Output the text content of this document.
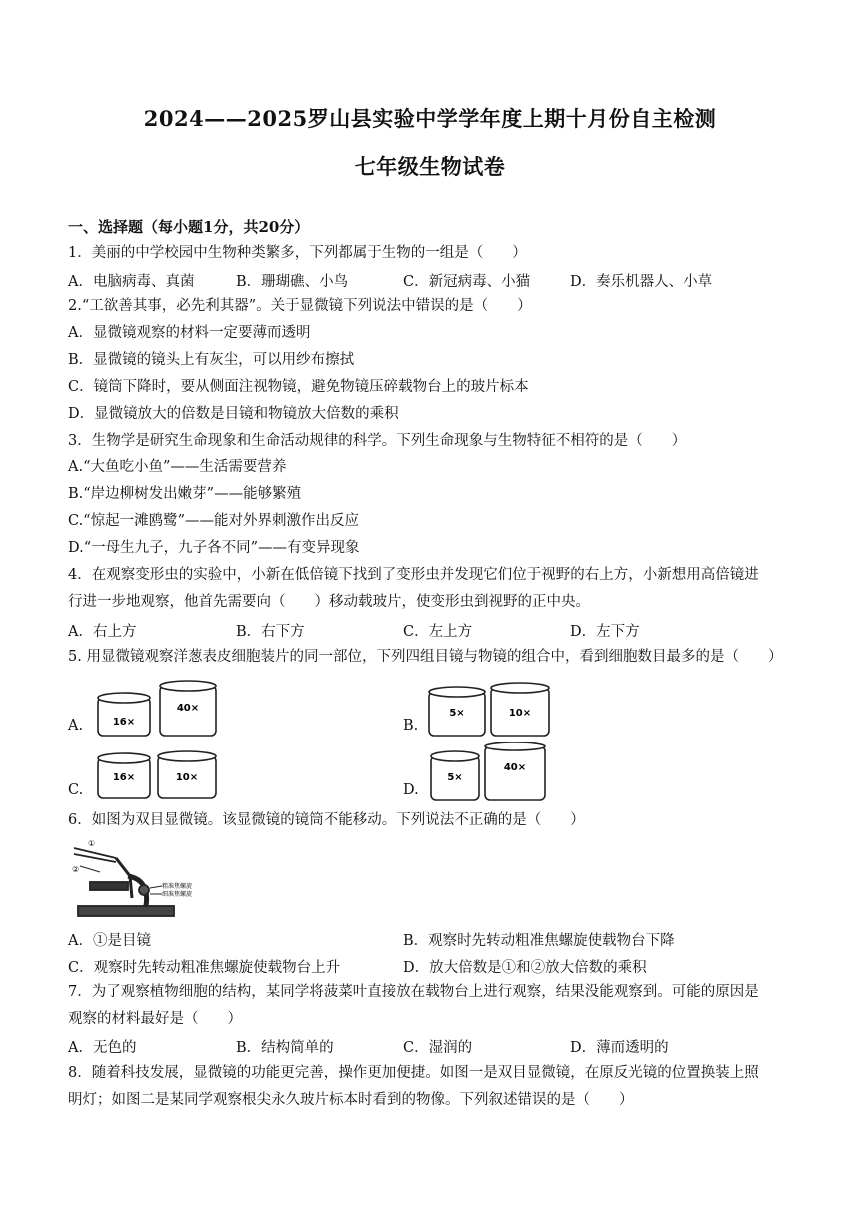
2024——2025罗山县实验中学学年度上期十月份自主检测
七年级生物试卷
一、选择题（每小题1分，共20分）
1．美丽的中学校园中生物种类繁多，下列都属于生物的一组是（　　）
A．电脑病毒、真菌	B．珊瑚礁、小鸟	C．新冠病毒、小猫	D．奏乐机器人、小草
2.“工欲善其事，必先利其器”。关于显微镜下列说法中错误的是（　　）
A．显微镜观察的材料一定要薄而透明
B．显微镜的镜头上有灰尘，可以用纱布擦拭
C．镜筒下降时，要从侧面注视物镜，避免物镜压碎载物台上的玻片标本
D．显微镜放大的倍数是目镜和物镜放大倍数的乘积
3．生物学是研究生命现象和生命活动规律的科学。下列生命现象与生物特征不相符的是（　　）
A.“大鱼吃小鱼”——生活需要营养
B.“岸边柳树发出嫩芽”——能够繁殖
C.“惊起一滩鸥鹭”——能对外界刺激作出反应
D.“一母生九子，九子各不同”——有变异现象
4．在观察变形虫的实验中，小新在低倍镜下找到了变形虫并发现它们位于视野的右上方，小新想用高倍镜进
行进一步地观察，他首先需要向（　　）移动载玻片，使变形虫到视野的正中央。
A．右上方	B．右下方	C．左上方	D．左下方
5. 用显微镜观察洋葱表皮细胞装片的同一部位，下列四组目镜与物镜的组合中，看到细胞数目最多的是（　　）
A.	16×
40×
B.
5×	10×
C.
16×	10×
D.
5×
40×
6．如图为双目显微镜。该显微镜的镜筒不能移动。下列说法不正确的是（　　）
①
②
粗准焦螺旋
细准焦螺旋
A．①是目镜	B．观察时先转动粗准焦螺旋使载物台下降
C．观察时先转动粗准焦螺旋使载物台上升	D．放大倍数是①和②放大倍数的乘积
7．为了观察植物细胞的结构，某同学将菠菜叶直接放在载物台上进行观察，结果没能观察到。可能的原因是
观察的材料最好是（　　）
A．无色的	B．结构简单的	C．湿润的	D．薄而透明的
8．随着科技发展，显微镜的功能更完善，操作更加便捷。如图一是双目显微镜，在原反光镜的位置换装上照
明灯；如图二是某同学观察根尖永久玻片标本时看到的物像。下列叙述错误的是（　　）
